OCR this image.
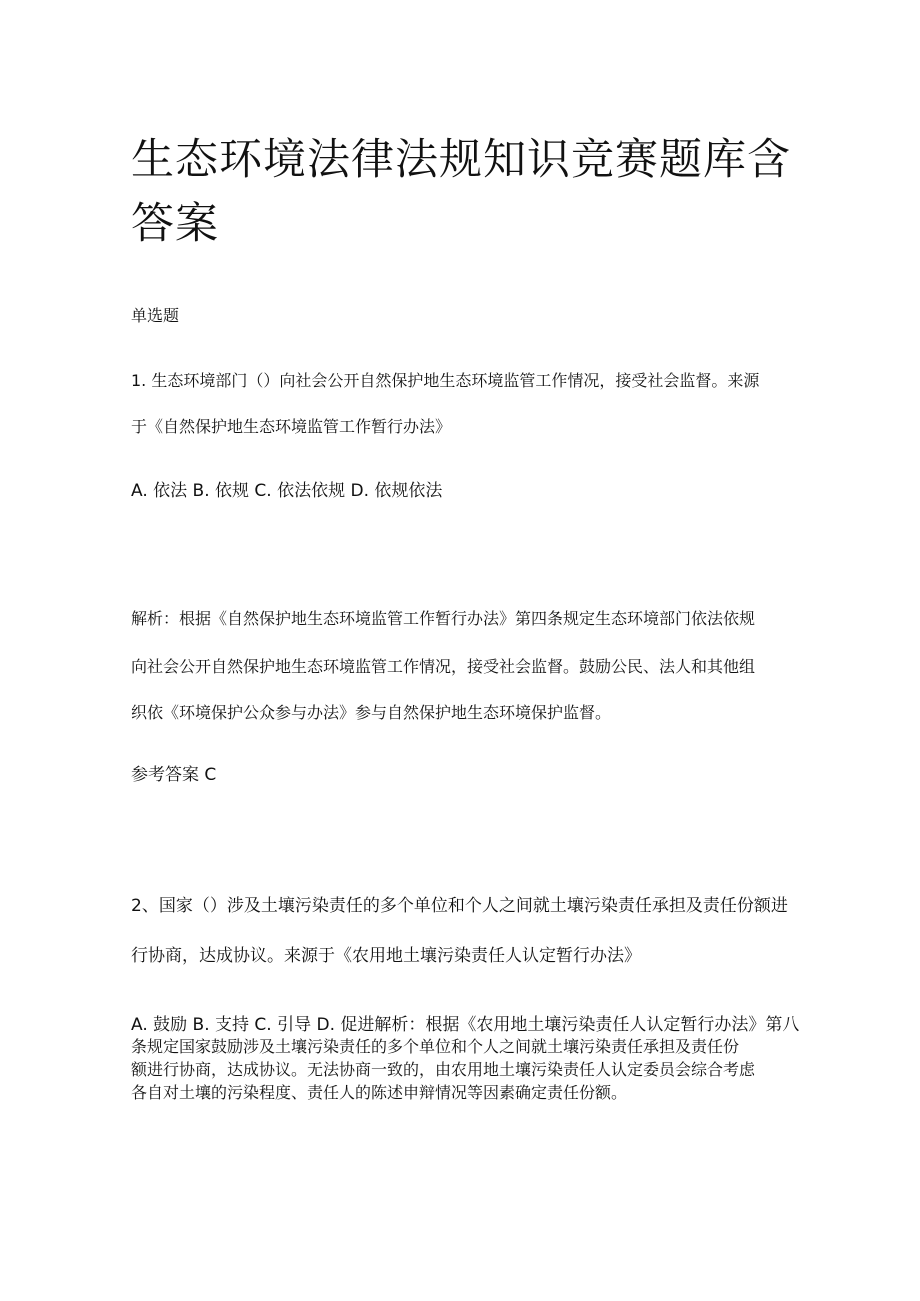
生态环境法律法规知识竞赛题库含答案
单选题
1. 生态环境部门（）向社会公开自然保护地生态环境监管工作情况，接受社会监督。来源
于《自然保护地生态环境监管工作暂行办法》
A. 依法 B. 依规 C. 依法依规 D. 依规依法
解析：根据《自然保护地生态环境监管工作暂行办法》第四条规定生态环境部门依法依规
向社会公开自然保护地生态环境监管工作情况，接受社会监督。鼓励公民、法人和其他组
织依《环境保护公众参与办法》参与自然保护地生态环境保护监督。
参考答案 C
2、国家（）涉及土壤污染责任的多个单位和个人之间就土壤污染责任承担及责任份额进
行协商，达成协议。来源于《农用地土壤污染责任人认定暂行办法》
A. 鼓励 B. 支持 C. 引导 D. 促进解析：根据《农用地土壤污染责任人认定暂行办法》第八
条规定国家鼓励涉及土壤污染责任的多个单位和个人之间就土壤污染责任承担及责任份
额进行协商，达成协议。无法协商一致的，由农用地土壤污染责任人认定委员会综合考虑
各自对土壤的污染程度、责任人的陈述申辩情况等因素确定责任份额。
